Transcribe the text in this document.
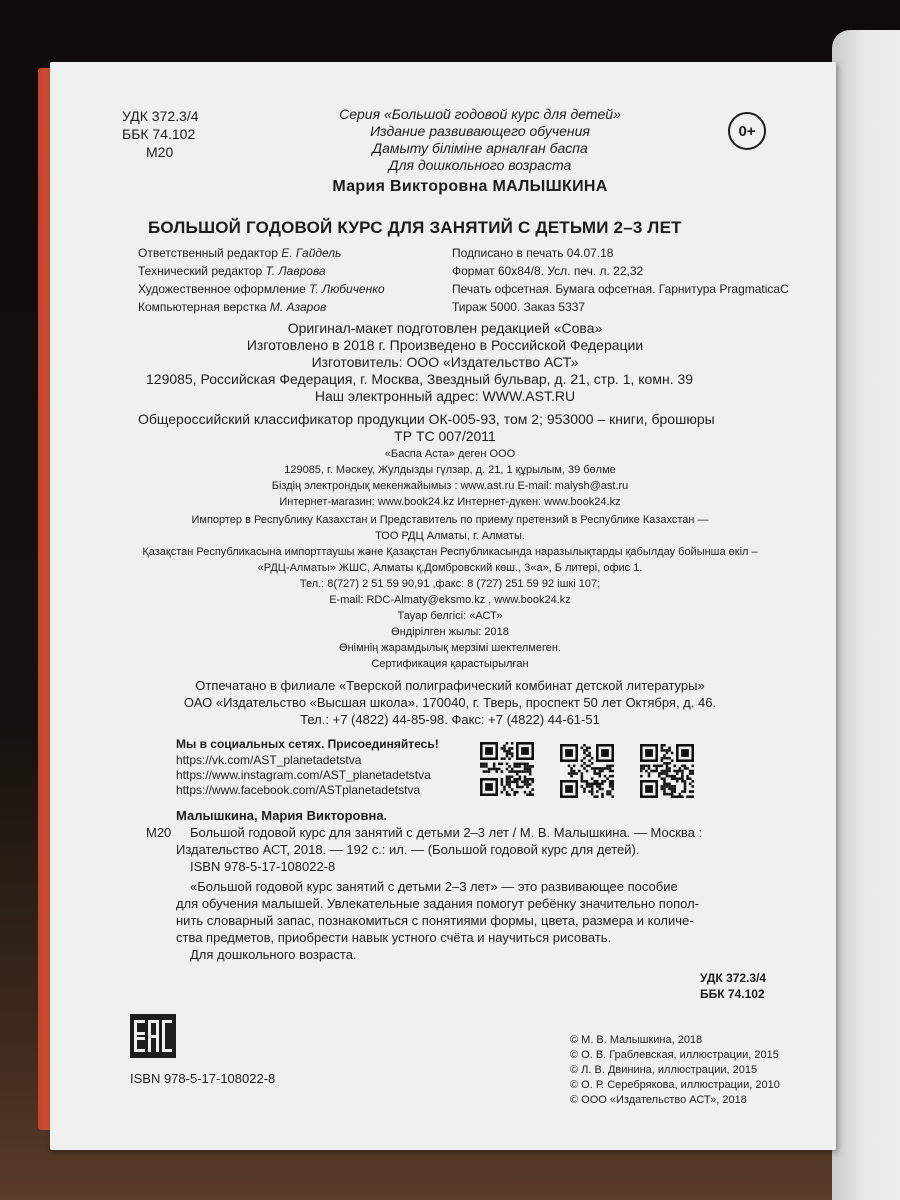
УДК 372.3/4
ББК 74.102
М20
Серия «Большой годовой курс для детей»
Издание развивающего обучения
Дамыту біліміне арналған баспа
Для дошкольного возраста
0+
Мария Викторовна МАЛЫШКИНА
БОЛЬШОЙ ГОДОВОЙ КУРС ДЛЯ ЗАНЯТИЙ С ДЕТЬМИ 2–3 ЛЕТ
Ответственный редактор Е. Гайдель
Технический редактор Т. Лаврова
Художественное оформление Т. Любиченко
Компьютерная верстка М. Азаров
Подписано в печать 04.07.18
Формат 60х84/8. Усл. печ. л. 22,32
Печать офсетная. Бумага офсетная. Гарнитура PragmaticaC
Тираж 5000. Заказ 5337
Оригинал-макет подготовлен редакцией «Сова»
Изготовлено в 2018 г. Произведено в Российской Федерации
Изготовитель: ООО «Издательство АСТ»
129085, Российская Федерация, г. Москва, Звездный бульвар, д. 21, стр. 1, комн. 39
Наш электронный адрес: WWW.AST.RU
Общероссийский классификатор продукции ОК-005-93, том 2; 953000 – книги, брошюры
ТР ТС 007/2011
«Баспа Аста» деген ООО
129085, г. Мәскеу, Жулдызды гүлзар, д. 21, 1 құрылым, 39 бөлме
Біздің электрондық мекенжайымыз : www.ast.ru E-mail: malysh@ast.ru
Интернет-магазин: www.book24.kz Интернет-дүкен: www.book24.kz
Импортер в Республику Казахстан и Представитель по приему претензий в Республике Казахстан —
ТОО РДЦ Алматы, г. Алматы.
Қазақстан Республикасына импорттаушы және Қазақстан Республикасында наразылықтарды қабылдау бойынша өкіл –
«РДЦ-Алматы» ЖШС, Алматы қ.Домбровский көш., 3«а», Б литері, офис 1.
Тел.: 8(727) 2 51 59 90,91 ,факс: 8 (727) 251 59 92 ішкі 107;
E-mail: RDC-Almaty@eksmo.kz , www.book24.kz
Тауар белгісі: «АСТ»
Өндірілген жылы: 2018
Өнімнің жарамдылық мерзімі шектелмеген.
Сертификация қарастырылған
Отпечатано в филиале «Тверской полиграфический комбинат детской литературы»
ОАО «Издательство «Высшая школа». 170040, г. Тверь, проспект 50 лет Октября, д. 46.
Тел.: +7 (4822) 44-85-98. Факс: +7 (4822) 44-61-51
Мы в социальных сетях. Присоединяйтесь!
https://vk.com/AST_planetadetstva
https://www.instagram.com/AST_planetadetstva
https://www.facebook.com/ASTplanetadetstva
Малышкина, Мария Викторовна.
М20 Большой годовой курс для занятий с детьми 2–3 лет / М. В. Малышкина. — Москва :
Издательство АСТ, 2018. — 192 с.: ил. — (Большой годовой курс для детей).
ISBN 978-5-17-108022-8
«Большой годовой курс занятий с детьми 2–3 лет» — это развивающее пособие
для обучения малышей. Увлекательные задания помогут ребёнку значительно попол-
нить словарный запас, познакомиться с понятиями формы, цвета, размера и количе-
ства предметов, приобрести навык устного счёта и научиться рисовать.
Для дошкольного возраста.
УДК 372.3/4
ББК 74.102
ISBN 978-5-17-108022-8
© М. В. Малышкина, 2018
© О. В. Граблевская, иллюстрации, 2015
© Л. В. Двинина, иллюстрации, 2015
© О. Р. Серебрякова, иллюстрации, 2010
© ООО «Издательство АСТ», 2018
